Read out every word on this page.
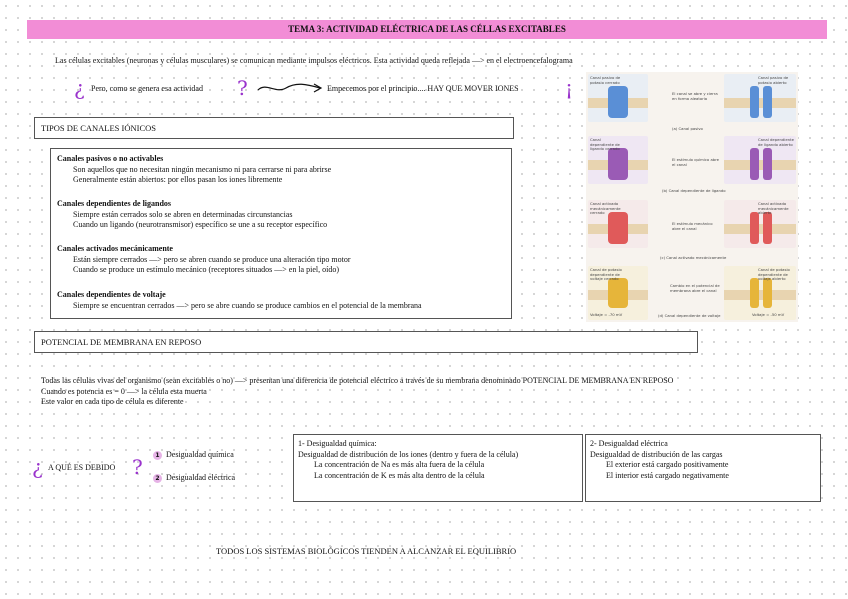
TEMA 3: ACTIVIDAD ELÉCTRICA DE LAS CÉLLAS EXCITABLES
Las células excitables (neuronas y células musculares) se comunican mediante impulsos eléctricos. Esta actividad queda reflejada —> en el electroencefalograma
¿ Pero, como se genera esa actividad ?	Empecemos por el principio.... HAY QUE MOVER IONES ¡
TIPOS DE CANALES IÓNICOS
Canales pasivos o no activables
Son aquellos que no necesitan ningún mecanismo ni para cerrarse ni para abrirse
Generalmente están abiertos: por ellos pasan los iones libremente
Canales dependientes de ligandos
Siempre están cerrados solo se abren en determinadas circunstancias
Cuando un ligando (neurotransmisor) específico se une a su receptor específico
Canales activados mecánicamente
Están siempre cerrados —> pero se abren cuando se produce una alteración tipo motor
Cuando se produce un estímulo mecánico (receptores situados —> en la piel, oído)
Canales dependientes de voltaje
Siempre se encuentran cerrados —> pero se abre cuando se produce cambios en el potencial de la membrana
Canal pasivo de potasio cerrado
El canal se abre y cierra en forma aleatoria
Canal pasivo de potasio abierto
(a) Canal pasivo
Canal dependiente de ligando cerrado
El estímulo químico abre el canal
Canal dependiente de ligando abierto
(b) Canal dependiente de ligando
Canal activado mecánicamente cerrado
El estímulo mecánico abre el canal
Canal activado mecánicamente abierto
(c) Canal activado mecánicamente
Canal de potasio dependiente de voltaje cerrado
Voltaje = -70 mV
Cambio en el potencial de membrana abre el canal
Canal de potasio dependiente de voltaje abierto
Voltaje = -50 mV
(d) Canal dependiente de voltaje
POTENCIAL DE MEMBRANA EN REPOSO
Todas las células vivas del organismo (sean excitables o no) —> presentan una diferencia de potencial eléctrico a través de su membrana denominado POTENCIAL DE MEMBRANA EN REPOSO
Cuando es potencia es = 0 —> la célula esta muerta
Este valor en cada tipo de célula es diferente
¿ A QUÉ ES DEBIDO ?	1 Desigualdad química
2 Desigualdad eléctrica
1- Desigualdad química:
Desigualdad de distribución de los iones (dentro y fuera de la célula)
La concentración de Na es más alta fuera de la célula
La concentración de K es más alta dentro de la célula
2- Desigualdad eléctrica
Desigualdad de distribución de las cargas
El exterior está cargado positivamente
El interior está cargado negativamente
TODOS LOS SISTEMAS BIOLÓGICOS TIENDEN A ALCANZAR EL EQUILIBRIO
